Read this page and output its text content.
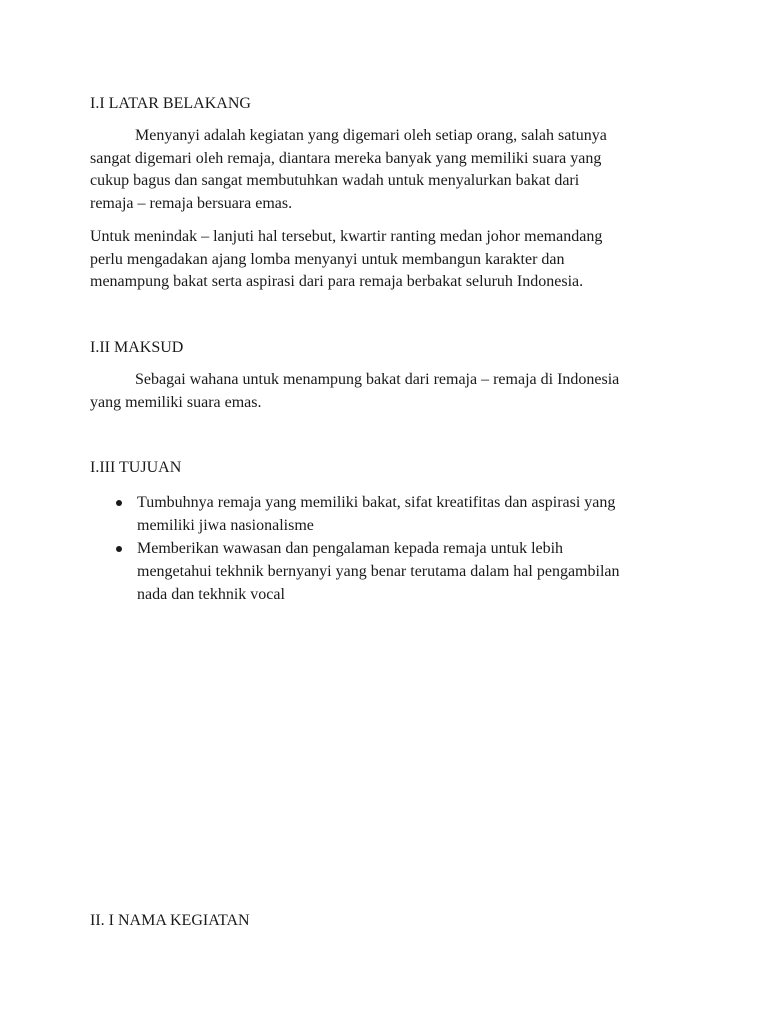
I.I LATAR BELAKANG

Menyanyi adalah kegiatan yang digemari oleh setiap orang, salah satunya
sangat digemari oleh remaja, diantara mereka banyak yang memiliki suara yang
cukup bagus dan sangat membutuhkan wadah untuk menyalurkan bakat dari
remaja – remaja bersuara emas.

Untuk menindak – lanjuti hal tersebut, kwartir ranting medan johor memandang
perlu mengadakan ajang lomba menyanyi untuk membangun karakter dan
menampung bakat serta aspirasi dari para remaja berbakat seluruh Indonesia.

I.II MAKSUD

Sebagai wahana untuk menampung bakat dari remaja – remaja di Indonesia
yang memiliki suara emas.

I.III TUJUAN
Tumbuhnya remaja yang memiliki bakat, sifat kreatifitas dan aspirasi yang
memiliki jiwa nasionalisme
Memberikan wawasan dan pengalaman kepada remaja untuk lebih
mengetahui tekhnik bernyanyi yang benar terutama dalam hal pengambilan
nada dan tekhnik vocal
II. I NAMA KEGIATAN
